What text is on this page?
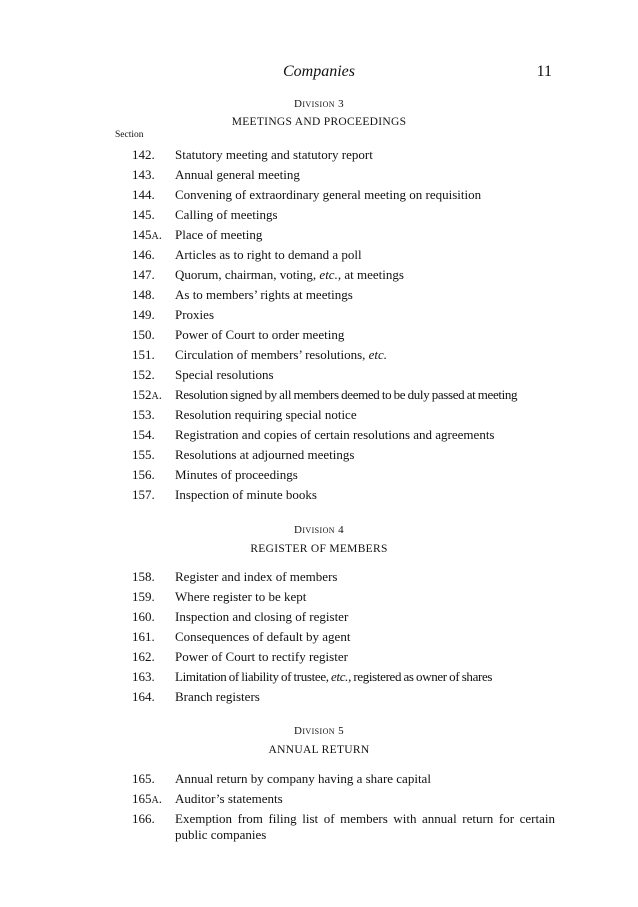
Companies	11
Division 3
MEETINGS AND PROCEEDINGS
Section
142.	Statutory meeting and statutory report
143.	Annual general meeting
144.	Convening of extraordinary general meeting on requisition
145.	Calling of meetings
145A.	Place of meeting
146.	Articles as to right to demand a poll
147.	Quorum, chairman, voting, etc., at meetings
148.	As to members’ rights at meetings
149.	Proxies
150.	Power of Court to order meeting
151.	Circulation of members’ resolutions, etc.
152.	Special resolutions
152A.	Resolution signed by all members deemed to be duly passed at meeting
153.	Resolution requiring special notice
154.	Registration and copies of certain resolutions and agreements
155.	Resolutions at adjourned meetings
156.	Minutes of proceedings
157.	Inspection of minute books
Division 4
REGISTER OF MEMBERS
158.	Register and index of members
159.	Where register to be kept
160.	Inspection and closing of register
161.	Consequences of default by agent
162.	Power of Court to rectify register
163.	Limitation of liability of trustee, etc., registered as owner of shares
164.	Branch registers
Division 5
ANNUAL RETURN
165.	Annual return by company having a share capital
165A.	Auditor’s statements
166.	Exemption from filing list of members with annual return for certain public companies
